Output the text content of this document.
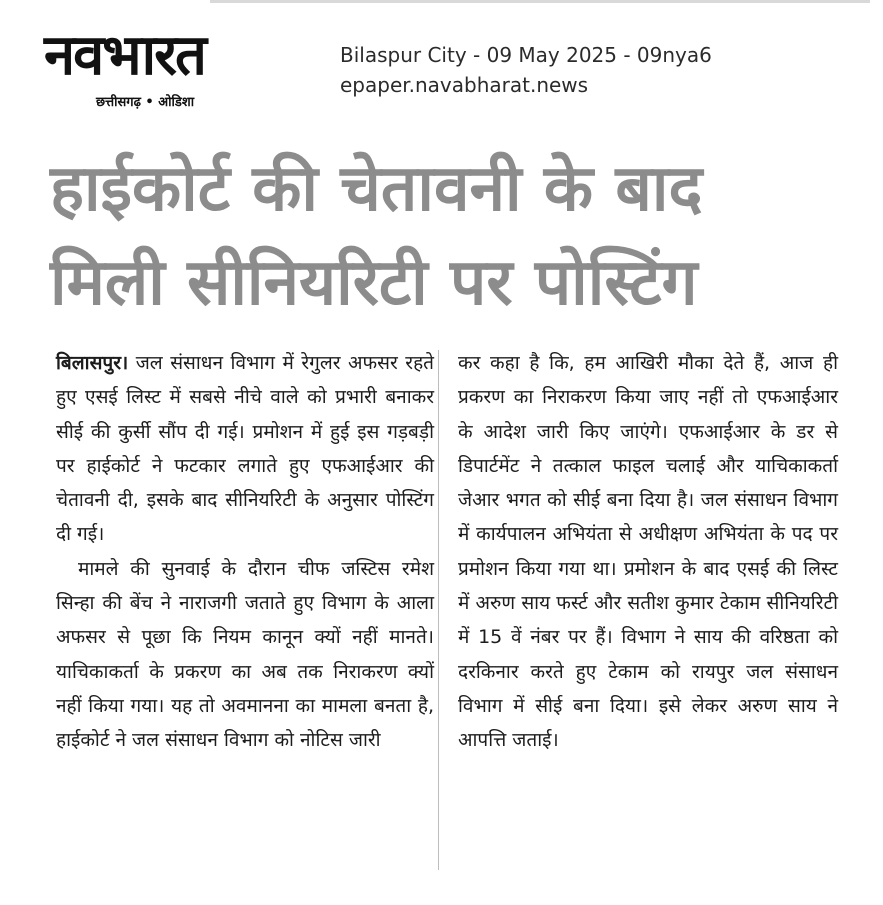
नवभारत
छत्तीसगढ़ • ओडिशा
Bilaspur City - 09 May 2025 - 09nya6
epaper.navabharat.news
हाईकोर्ट की चेतावनी के बाद
मिली सीनियरिटी पर पोस्टिंग

बिलासपुर। जल संसाधन विभाग में रेगुलर अफसर रहते हुए एसई लिस्ट में सबसे नीचे वाले को प्रभारी बनाकर सीई की कुर्सी सौंप दी गई। प्रमोशन में हुई इस गड़बड़ी पर हाईकोर्ट ने फटकार लगाते हुए एफआईआर की चेतावनी दी, इसके बाद सीनियरिटी के अनुसार पोस्टिंग दी गई।

मामले की सुनवाई के दौरान चीफ जस्टिस रमेश सिन्हा की बेंच ने नाराजगी जताते हुए विभाग के आला अफसर से पूछा कि नियम कानून क्यों नहीं मानते। याचिकाकर्ता के प्रकरण का अब तक निराकरण क्यों नहीं किया गया। यह तो अवमानना का मामला बनता है, हाईकोर्ट ने जल संसाधन विभाग को नोटिस जारी

कर कहा है कि, हम आखिरी मौका देते हैं, आज ही प्रकरण का निराकरण किया जाए नहीं तो एफआईआर के आदेश जारी किए जाएंगे। एफआईआर के डर से डिपार्टमेंट ने तत्काल फाइल चलाई और याचिकाकर्ता जेआर भगत को सीई बना दिया है। जल संसाधन विभाग में कार्यपालन अभियंता से अधीक्षण अभियंता के पद पर प्रमोशन किया गया था। प्रमोशन के बाद एसई की लिस्ट में अरुण साय फर्स्ट और सतीश कुमार टेकाम सीनियरिटी में 15 वें नंबर पर हैं। विभाग ने साय की वरिष्ठता को दरकिनार करते हुए टेकाम को रायपुर जल संसाधन विभाग में सीई बना दिया। इसे लेकर अरुण साय ने आपत्ति जताई।
